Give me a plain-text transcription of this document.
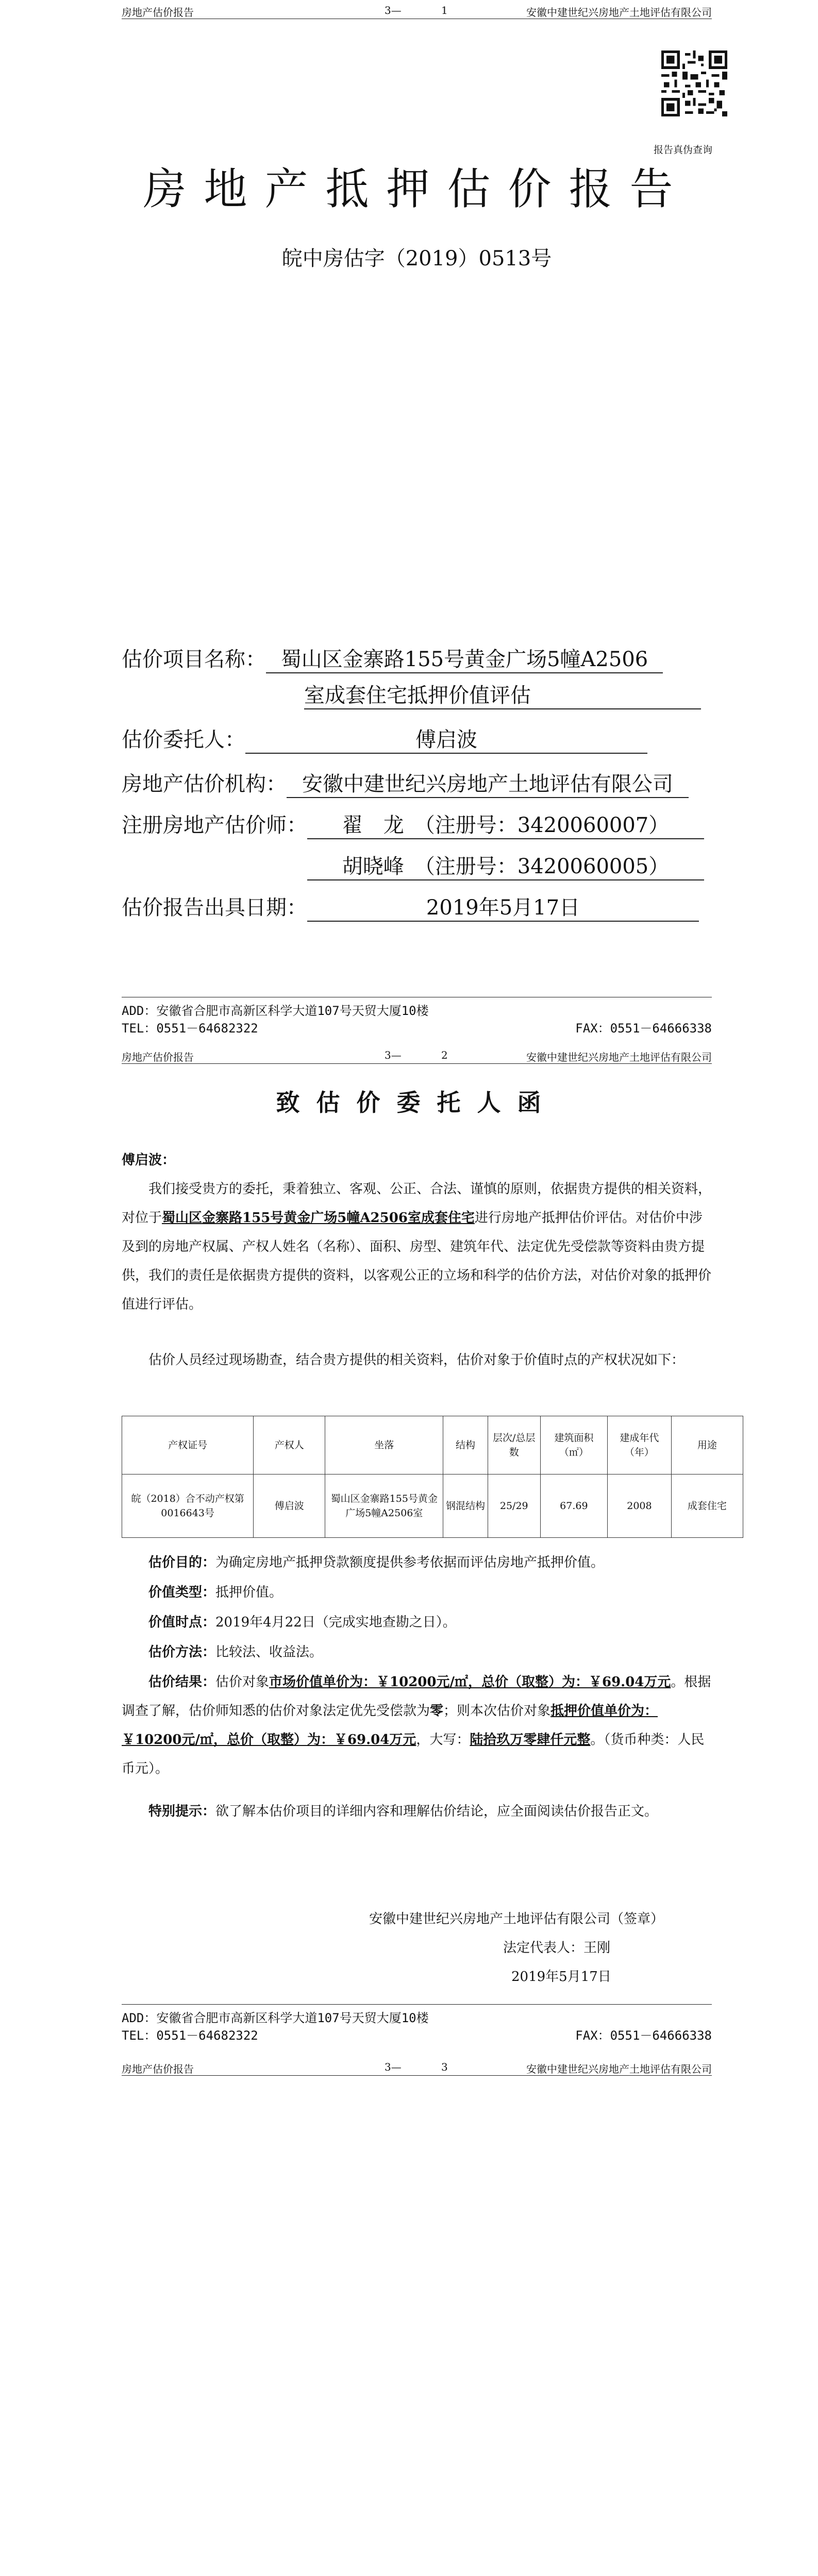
房地产估价报告	3—	1	安徽中建世纪兴房地产土地评估有限公司
报告真伪查询
房地产抵押估价报告
皖中房估字（2019）0513号
估价项目名称： 蜀山区金寨路155号黄金广场5幢A2506
室成套住宅抵押价值评估
估价委托人：	傅启波
房地产估价机构： 安徽中建世纪兴房地产土地评估有限公司
注册房地产估价师： 翟　龙　（注册号：3420060007）
胡晓峰　（注册号：3420060005）
估价报告出具日期：	2019年5月17日
ADD：安徽省合肥市高新区科学大道107号天贸大厦10楼
TEL：0551－64682322	FAX：0551－64666338
房地产估价报告	3—	2	安徽中建世纪兴房地产土地评估有限公司
致估价委托人函
傅启波：
我们接受贵方的委托，秉着独立、客观、公正、合法、谨慎的原则，依据贵方提供的相关资料，对位于蜀山区金寨路155号黄金广场5幢A2506室成套住宅进行房地产抵押估价评估。对估价中涉及到的房地产权属、产权人姓名（名称）、面积、房型、建筑年代、法定优先受偿款等资料由贵方提供，我们的责任是依据贵方提供的资料，以客观公正的立场和科学的估价方法，对估价对象的抵押价值进行评估。
估价人员经过现场勘查，结合贵方提供的相关资料，估价对象于价值时点的产权状况如下：
产权证号	产权人	坐落	结构	层次/总层数	建筑面积（㎡）	建成年代（年）	用途
皖（2018）合不动产权第0016643号	傅启波	蜀山区金寨路155号黄金广场5幢A2506室	钢混结构	25/29	67.69	2008	成套住宅
估价目的：为确定房地产抵押贷款额度提供参考依据而评估房地产抵押价值。
价值类型：抵押价值。
价值时点：2019年4月22日（完成实地查勘之日）。
估价方法：比较法、收益法。
估价结果：估价对象市场价值单价为：￥10200元/㎡，总价（取整）为：￥69.04万元。根据调查了解，估价师知悉的估价对象法定优先受偿款为零；则本次估价对象抵押价值单价为：￥10200元/㎡，总价（取整）为：￥69.04万元，大写：陆拾玖万零肆仟元整。（货币种类：人民币元）。
特别提示：欲了解本估价项目的详细内容和理解估价结论，应全面阅读估价报告正文。
安徽中建世纪兴房地产土地评估有限公司（签章）
法定代表人：王刚
2019年5月17日
ADD：安徽省合肥市高新区科学大道107号天贸大厦10楼
TEL：0551－64682322	FAX：0551－64666338
房地产估价报告	3—	3	安徽中建世纪兴房地产土地评估有限公司
